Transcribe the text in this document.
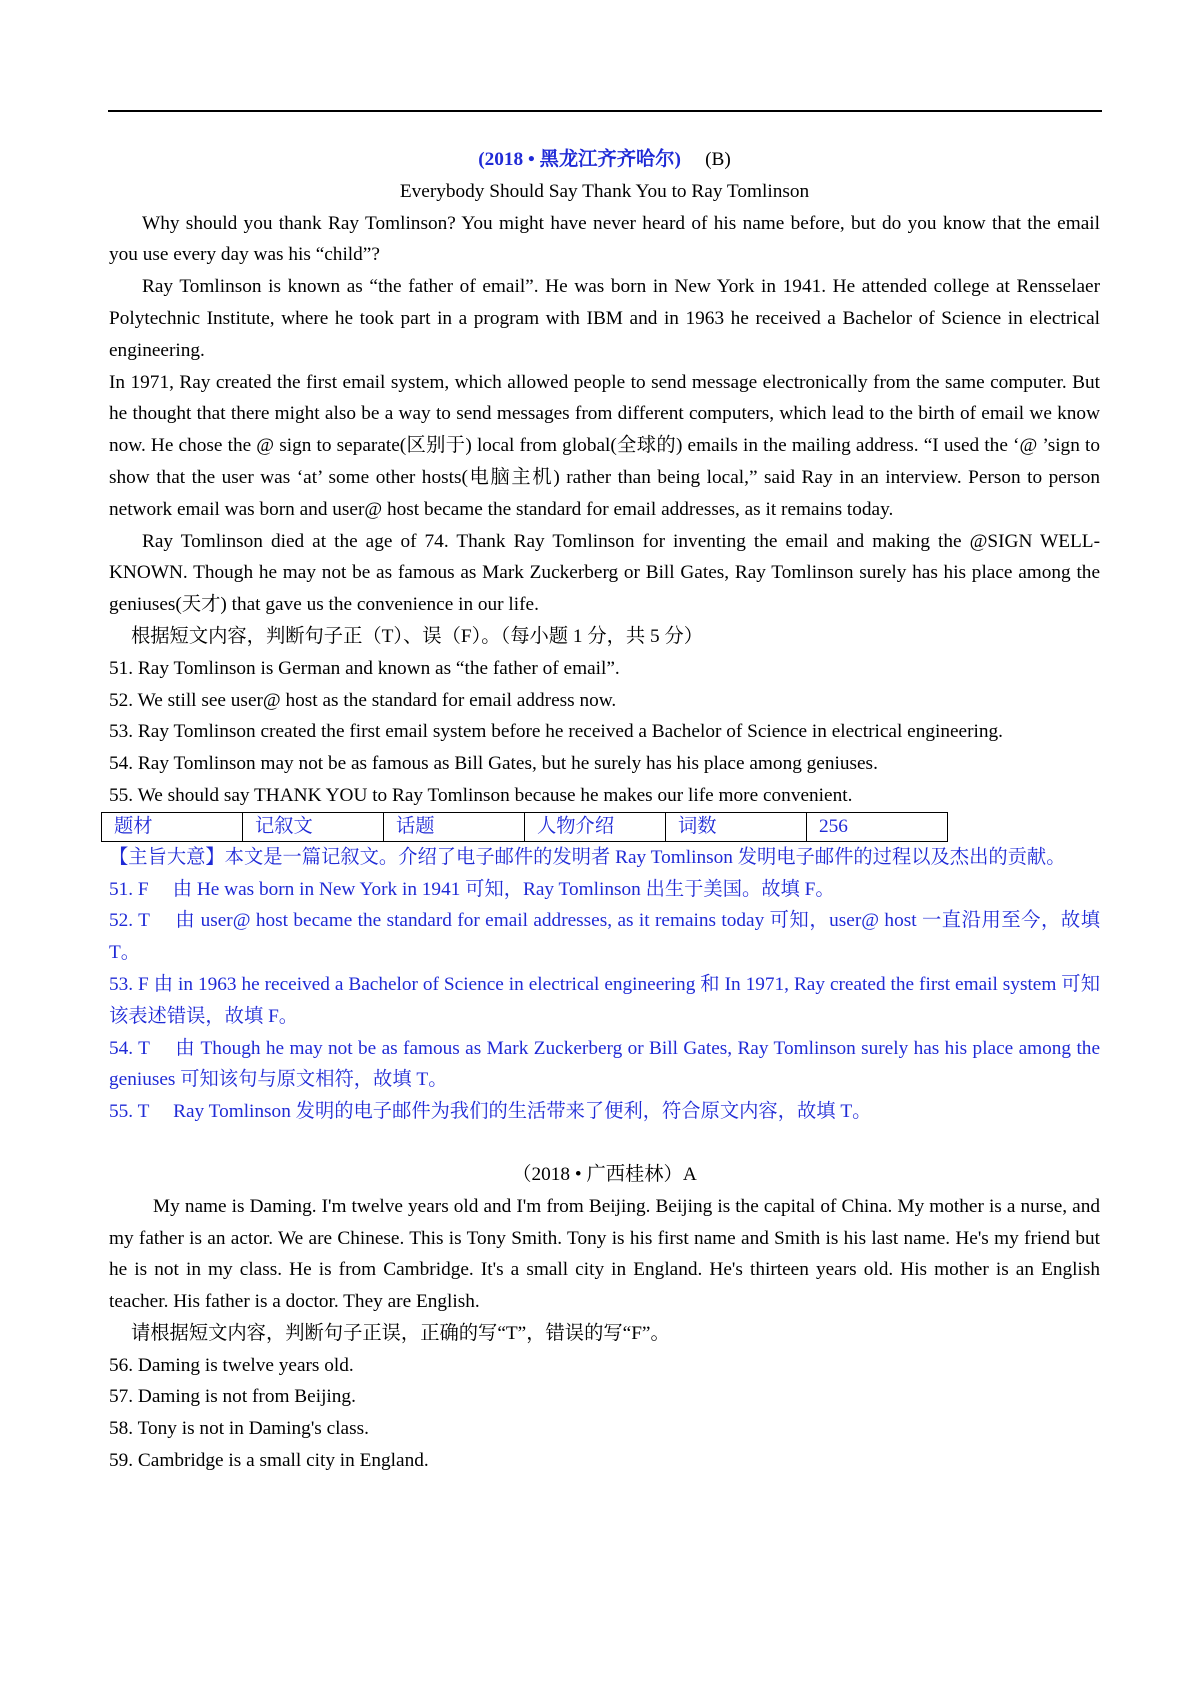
(2018 • 黑龙江齐齐哈尔) (B)

Everybody Should Say Thank You to Ray Tomlinson

Why should you thank Ray Tomlinson? You might have never heard of his name before, but do you know that the email you use every day was his “child”?

Ray Tomlinson is known as “the father of email”. He was born in New York in 1941. He attended college at Rensselaer Polytechnic Institute, where he took part in a program with IBM and in 1963 he received a Bachelor of Science in electrical engineering.

In 1971, Ray created the first email system, which allowed people to send message electronically from the same computer. But he thought that there might also be a way to send messages from different computers, which lead to the birth of email we know now. He chose the @ sign to separate(区别于) local from global(全球的) emails in the mailing address. “I used the ‘@ ’sign to show that the user was ‘at’ some other hosts(电脑主机) rather than being local,” said Ray in an interview. Person to person network email was born and user@ host became the standard for email addresses, as it remains today.

Ray Tomlinson died at the age of 74. Thank Ray Tomlinson for inventing the email and making the @SIGN WELL-KNOWN. Though he may not be as famous as Mark Zuckerberg or Bill Gates, Ray Tomlinson surely has his place among the geniuses(天才) that gave us the convenience in our life.

根据短文内容，判断句子正（T）、误（F）。（每小题 1 分，共 5 分）

51. Ray Tomlinson is German and known as “the father of email”.

52. We still see user@ host as the standard for email address now.

53. Ray Tomlinson created the first email system before he received a Bachelor of Science in electrical engineering.

54. Ray Tomlinson may not be as famous as Bill Gates, but he surely has his place among geniuses.

55. We should say THANK YOU to Ray Tomlinson because he makes our life more convenient.

题材	记叙文	话题	人物介绍	词数	256

【主旨大意】本文是一篇记叙文。介绍了电子邮件的发明者 Ray Tomlinson 发明电子邮件的过程以及杰出的贡献。

51. F　 由 He was born in New York in 1941 可知，Ray Tomlinson 出生于美国。故填 F。

52. T　 由 user@ host became the standard for email addresses, as it remains today 可知，user@ host 一直沿用至今，故填 T。

53. F 由 in 1963 he received a Bachelor of Science in electrical engineering 和 In 1971, Ray created the first email system 可知该表述错误，故填 F。

54. T　 由 Though he may not be as famous as Mark Zuckerberg or Bill Gates, Ray Tomlinson surely has his place among the geniuses 可知该句与原文相符，故填 T。

55. T　 Ray Tomlinson 发明的电子邮件为我们的生活带来了便利，符合原文内容，故填 T。

（2018 • 广西桂林）A

My name is Daming. I'm twelve years old and I'm from Beijing. Beijing is the capital of China. My mother is a nurse, and my father is an actor. We are Chinese. This is Tony Smith. Tony is his first name and Smith is his last name. He's my friend but he is not in my class. He is from Cambridge. It's a small city in England. He's thirteen years old. His mother is an English teacher. His father is a doctor. They are English.

请根据短文内容，判断句子正误，正确的写“T”，错误的写“F”。

56. Daming is twelve years old.

57. Daming is not from Beijing.

58. Tony is not in Daming's class.

59. Cambridge is a small city in England.
